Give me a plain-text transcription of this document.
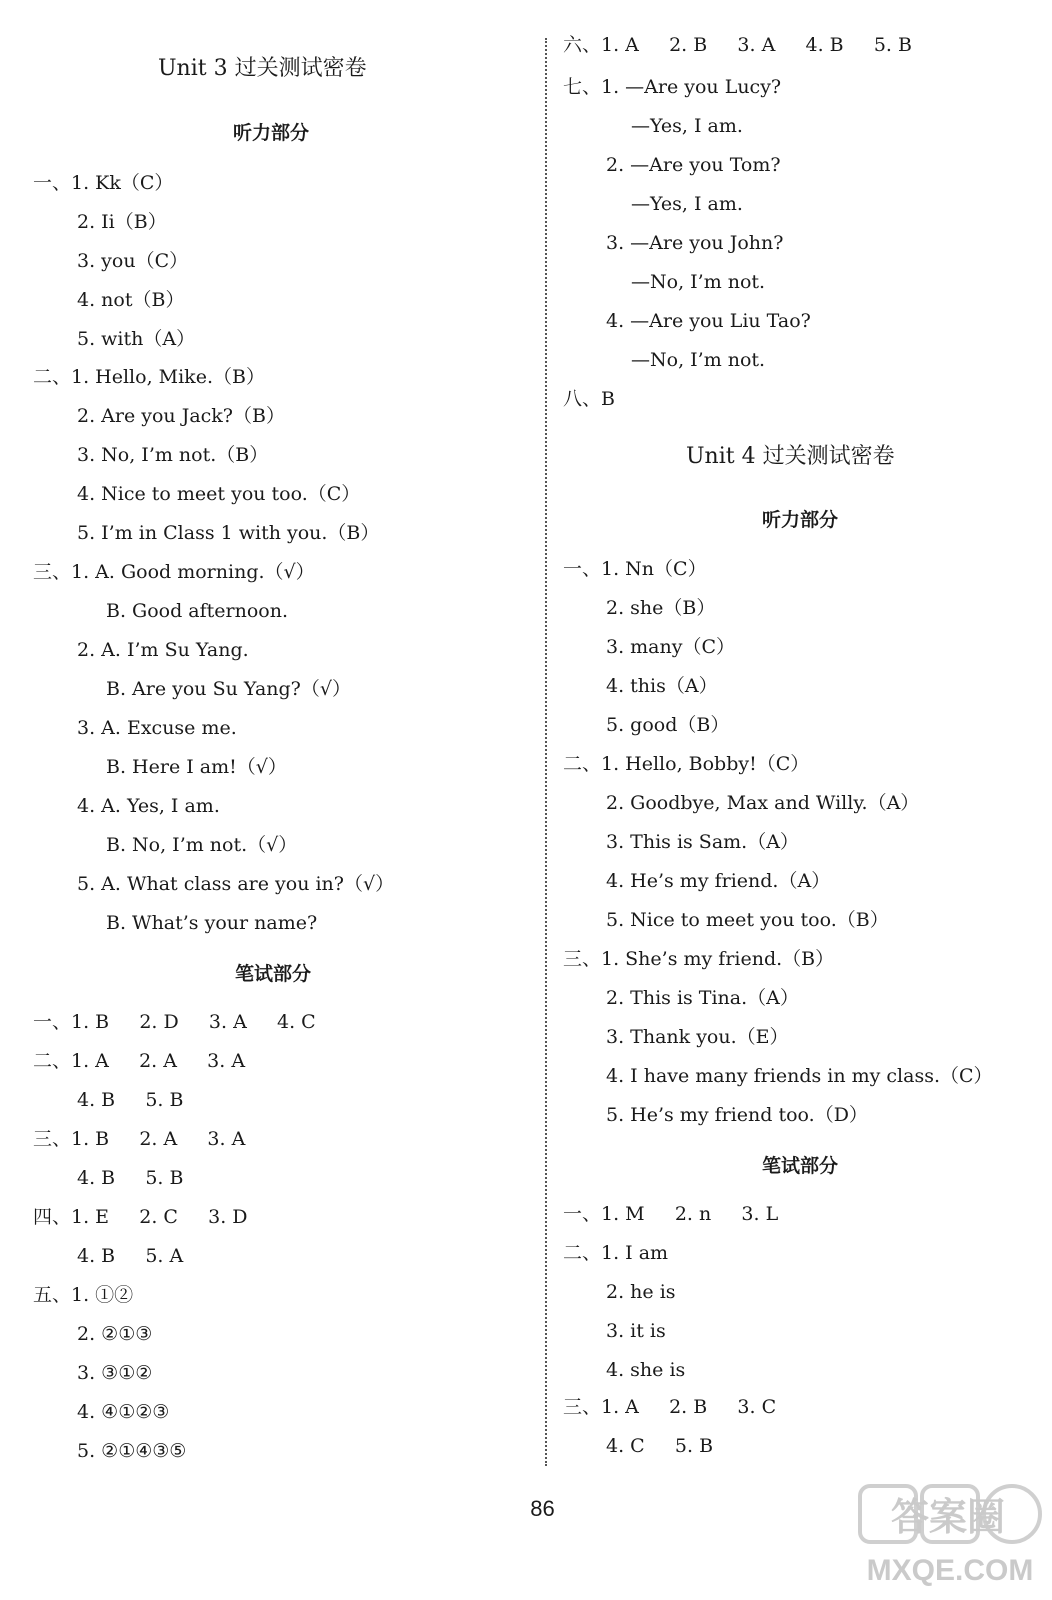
Unit 3 过关测试密卷
听力部分
一、1. Kk（C）
2. Ii（B）
3. you（C）
4. not（B）
5. with（A）
二、1. Hello, Mike.（B）
2. Are you Jack?（B）
3. No, I’m not.（B）
4. Nice to meet you too.（C）
5. I’m in Class 1 with you.（B）
三、1. A. Good morning.（√）
B. Good afternoon.
2. A. I’m Su Yang.
B. Are you Su Yang?（√）
3. A. Excuse me.
B. Here I am!（√）
4. A. Yes, I am.
B. No, I’m not.（√）
5. A. What class are you in?（√）
B. What’s your name?
笔试部分
一、1. B     2. D     3. A     4. C
二、1. A     2. A     3. A
4. B     5. B
三、1. B     2. A     3. A
4. B     5. B
四、1. E     2. C     3. D
4. B     5. A
五、1. ①②
2. ②①③
3. ③①②
4. ④①②③
5. ②①④③⑤
六、1. A     2. B     3. A     4. B     5. B
七、1. —Are you Lucy?
—Yes, I am.
2. —Are you Tom?
—Yes, I am.
3. —Are you John?
—No, I’m not.
4. —Are you Liu Tao?
—No, I’m not.
八、B
Unit 4 过关测试密卷
听力部分
一、1. Nn（C）
2. she（B）
3. many（C）
4. this（A）
5. good（B）
二、1. Hello, Bobby!（C）
2. Goodbye, Max and Willy.（A）
3. This is Sam.（A）
4. He’s my friend.（A）
5. Nice to meet you too.（B）
三、1. She’s my friend.（B）
2. This is Tina.（A）
3. Thank you.（E）
4. I have many friends in my class.（C）
5. He’s my friend too.（D）
笔试部分
一、1. M     2. n     3. L
二、1. I am
2. he is
3. it is
4. she is
三、1. A     2. B     3. C
4. C     5. B
86	答案圈
MXQE.COM
